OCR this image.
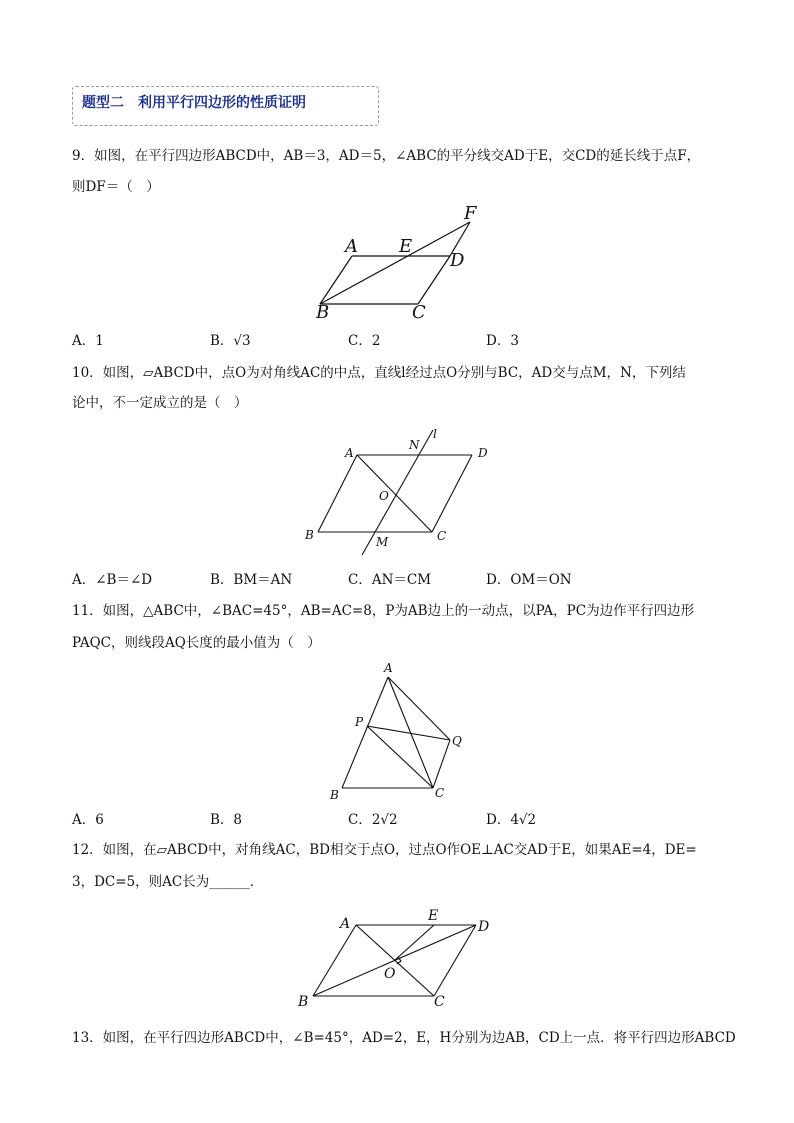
题型二　利用平行四边形的性质证明
9．如图，在平行四边形ABCD中，AB＝3，AD＝5，∠ABC的平分线交AD于E，交CD的延长线于点F，
则DF＝（　）
A E
F
D
B	C
A．1	B．√3	C．2	D．3
10．如图，▱ABCD中，点O为对角线AC的中点，直线l经过点O分别与BC，AD交与点M，N，下列结
论中，不一定成立的是（　）
A
N
l
D
O
B	M	C
A．∠B＝∠D	B．BM＝AN	C．AN＝CM	D．OM＝ON
11．如图，△ABC中，∠BAC=45°，AB=AC=8，P为AB边上的一动点，以PA，PC为边作平行四边形
PAQC，则线段AQ长度的最小值为（　）
A
P
Q
B	C
A．6	B．8	C．2√2	D．4√2
12．如图，在▱ABCD中，对角线AC，BD相交于点O，过点O作OE⊥AC交AD于E，如果AE=4，DE=
3，DC=5，则AC长为______．
A	E
D
O
B	C
13．如图，在平行四边形ABCD中，∠B=45°，AD=2，E，H分别为边AB，CD上一点．将平行四边形ABCD
